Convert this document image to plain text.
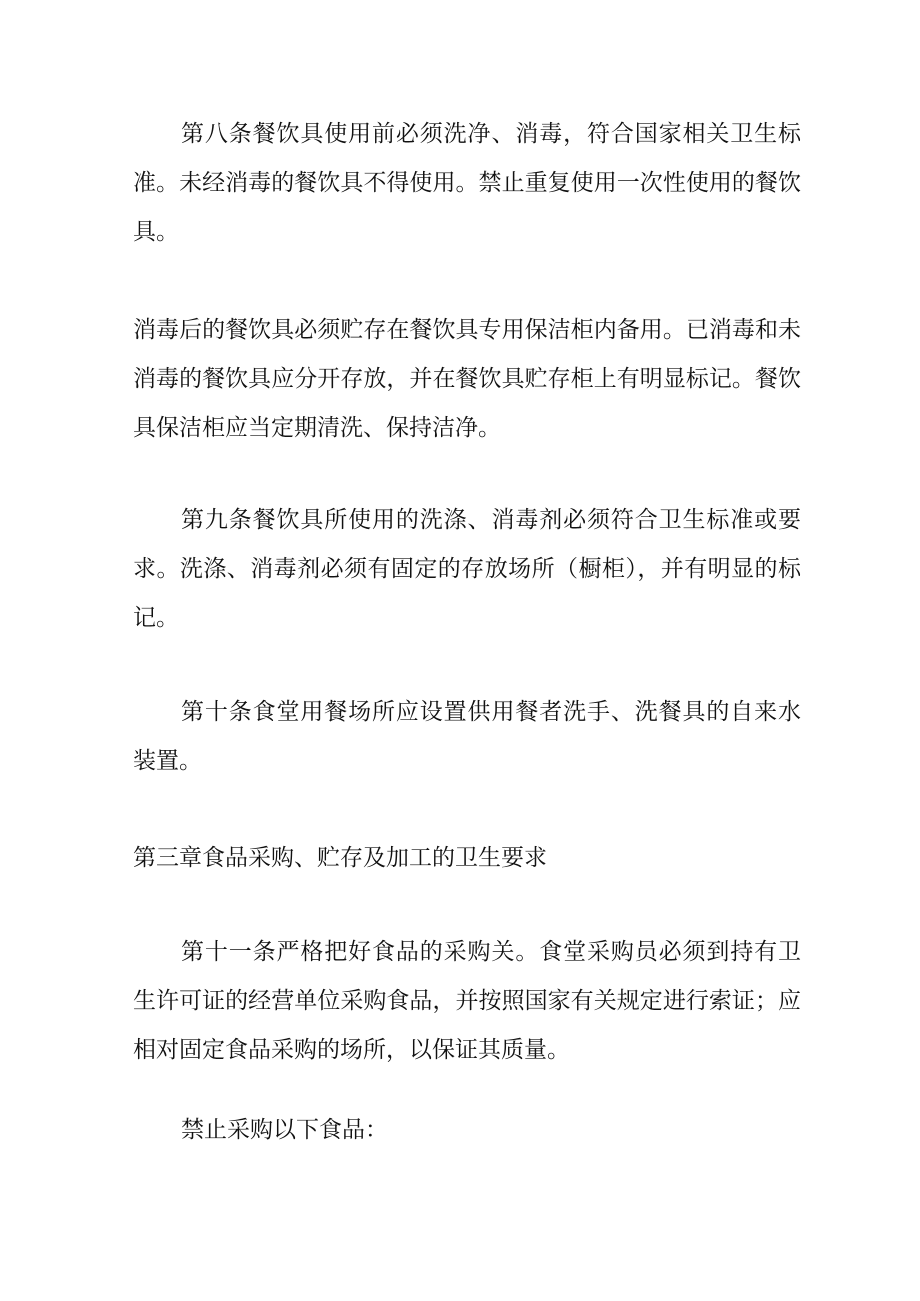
第八条餐饮具使用前必须洗净、消毒，符合国家相关卫生标准。未经消毒的餐饮具不得使用。禁止重复使用一次性使用的餐饮具。

消毒后的餐饮具必须贮存在餐饮具专用保洁柜内备用。已消毒和未消毒的餐饮具应分开存放，并在餐饮具贮存柜上有明显标记。餐饮具保洁柜应当定期清洗、保持洁净。

第九条餐饮具所使用的洗涤、消毒剂必须符合卫生标准或要求。洗涤、消毒剂必须有固定的存放场所（橱柜），并有明显的标记。

第十条食堂用餐场所应设置供用餐者洗手、洗餐具的自来水装置。

第三章食品采购、贮存及加工的卫生要求

第十一条严格把好食品的采购关。食堂采购员必须到持有卫生许可证的经营单位采购食品，并按照国家有关规定进行索证；应相对固定食品采购的场所，以保证其质量。

禁止采购以下食品：
